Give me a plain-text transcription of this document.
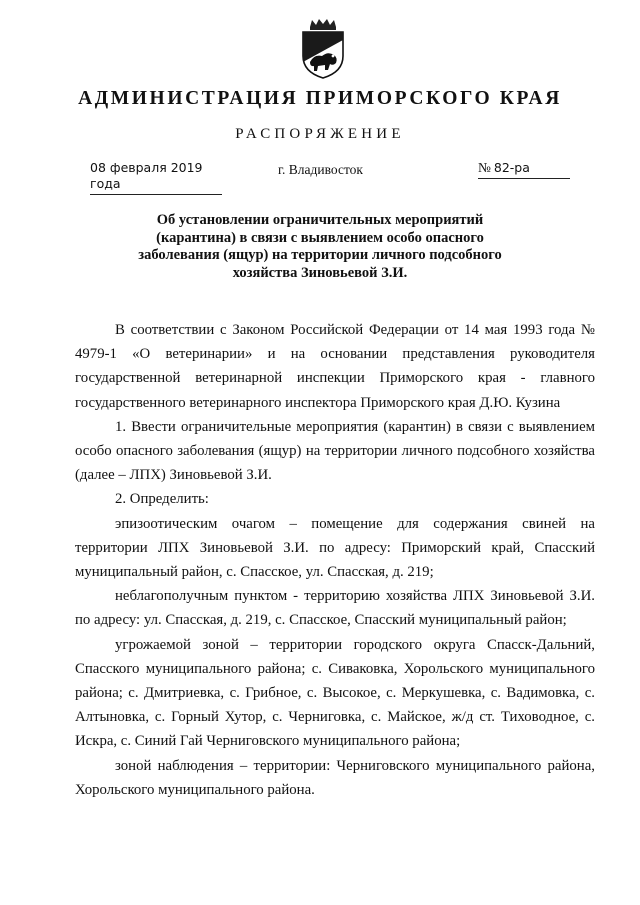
АДМИНИСТРАЦИЯ ПРИМОРСКОГО КРАЯ
РАСПОРЯЖЕНИЕ
08 февраля 2019 года
г. Владивосток	№ 82-ра
Об установлении ограничительных мероприятий
(карантина) в связи с выявлением особо опасного
заболевания (ящур) на территории личного подсобного
хозяйства Зиновьевой З.И.

В соответствии с Законом Российской Федерации от 14 мая 1993 года № 4979-1 «О ветеринарии» и на основании представления руководителя государственной ветеринарной инспекции Приморского края - главного государственного ветеринарного инспектора Приморского края Д.Ю. Кузина

1. Ввести ограничительные мероприятия (карантин) в связи с выявлением особо опасного заболевания (ящур) на территории личного подсобного хозяйства (далее – ЛПХ) Зиновьевой З.И.

2. Определить:

эпизоотическим очагом – помещение для содержания свиней на территории ЛПХ Зиновьевой З.И. по адресу: Приморский край, Спасский муниципальный район, с. Спасское, ул. Спасская, д. 219;

неблагополучным пунктом - территорию хозяйства ЛПХ Зиновьевой З.И. по адресу: ул. Спасская, д. 219, с. Спасское, Спасский муниципальный район;

угрожаемой зоной – территории городского округа Спасск-Дальний, Спасского муниципального района; с. Сиваковка, Хорольского муниципального района; с. Дмитриевка, с. Грибное, с. Высокое, с. Меркушевка, с. Вадимовка, с. Алтыновка, с. Горный Хутор, с. Черниговка, с. Майское, ж/д ст. Тиховодное, с. Искра, с. Синий Гай Черниговского муниципального района;

зоной наблюдения – территории: Черниговского муниципального района, Хорольского муниципального района.
